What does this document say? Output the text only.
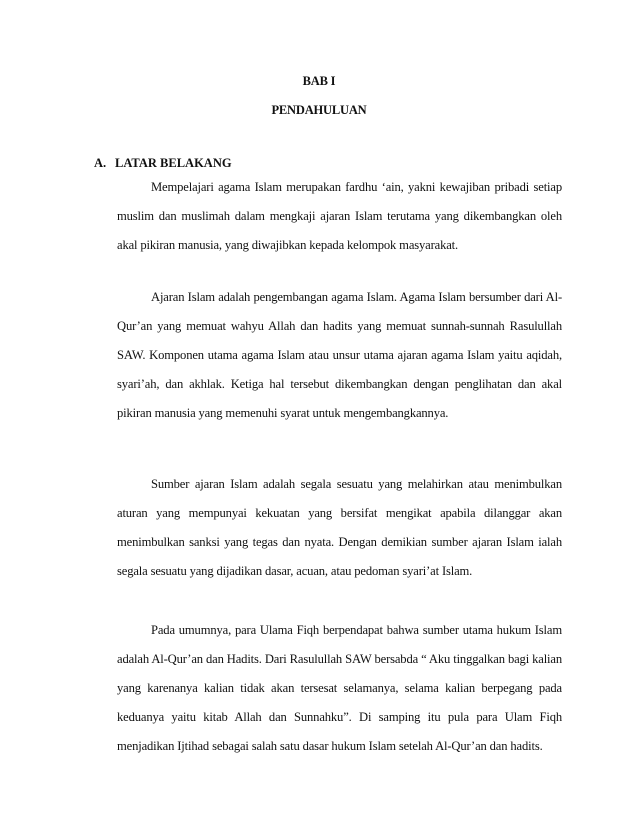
BAB I
PENDAHULUAN
A. LATAR BELAKANG

Mempelajari agama Islam merupakan fardhu ‘ain, yakni kewajiban pribadi setiap muslim dan muslimah dalam mengkaji ajaran Islam terutama yang dikembangkan oleh akal pikiran manusia, yang diwajibkan kepada kelompok masyarakat.

Ajaran Islam adalah pengembangan agama Islam. Agama Islam bersumber dari Al-Qur’an yang memuat wahyu Allah dan hadits yang memuat sunnah-sunnah Rasulullah SAW. Komponen utama agama Islam atau unsur utama ajaran agama Islam yaitu aqidah, syari’ah, dan akhlak. Ketiga hal tersebut dikembangkan dengan penglihatan dan akal pikiran manusia yang memenuhi syarat untuk mengembangkannya.

Sumber ajaran Islam adalah segala sesuatu yang melahirkan atau menimbulkan aturan yang mempunyai kekuatan yang bersifat mengikat apabila dilanggar akan menimbulkan sanksi yang tegas dan nyata. Dengan demikian sumber ajaran Islam ialah segala sesuatu yang dijadikan dasar, acuan, atau pedoman syari’at Islam.

Pada umumnya, para Ulama Fiqh berpendapat bahwa sumber utama hukum Islam adalah Al-Qur’an dan Hadits. Dari Rasulullah SAW bersabda “ Aku tinggalkan bagi kalian yang karenanya kalian tidak akan tersesat selamanya, selama kalian berpegang pada keduanya yaitu kitab Allah dan Sunnahku”. Di samping itu pula para Ulam Fiqh menjadikan Ijtihad sebagai salah satu dasar hukum Islam setelah Al-Qur’an dan hadits.
